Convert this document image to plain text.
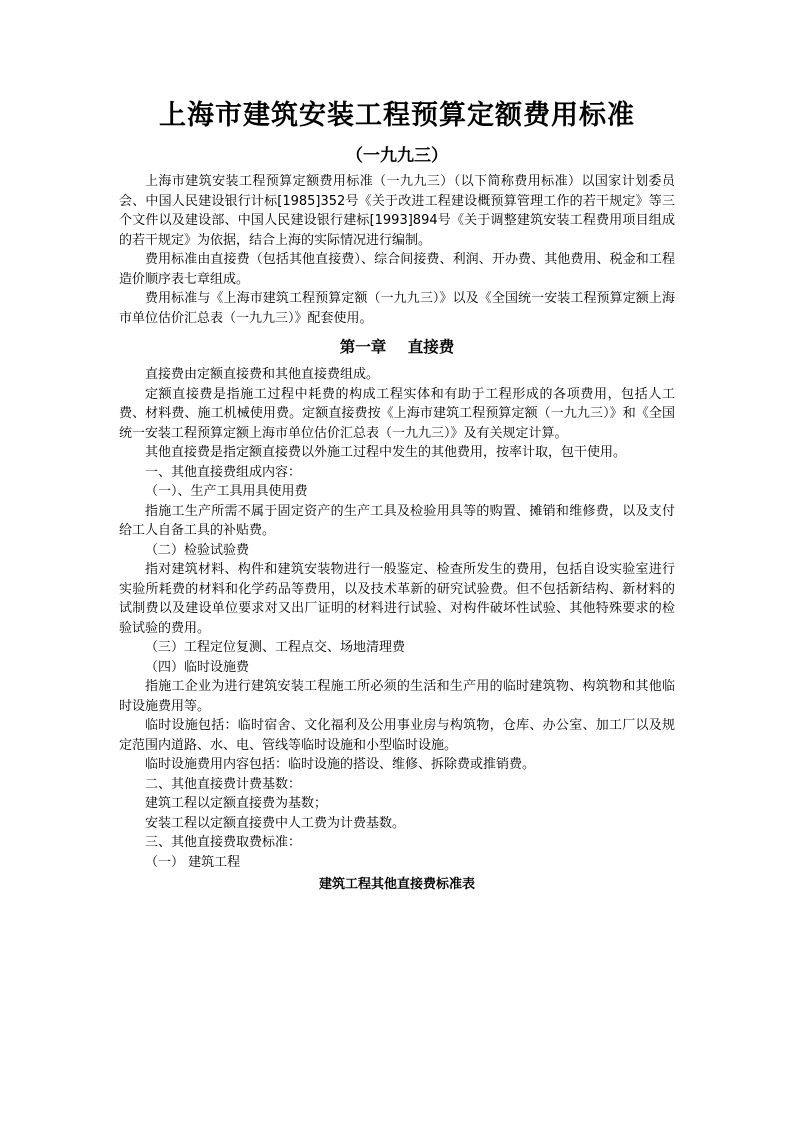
上海市建筑安装工程预算定额费用标准
（一九九三）

上海市建筑安装工程预算定额费用标准（一九九三）（以下简称费用标准）以国家计划委员会、中国人民建设银行计标[1985]352号《关于改进工程建设概预算管理工作的若干规定》等三个文件以及建设部、中国人民建设银行建标[1993]894号《关于调整建筑安装工程费用项目组成的若干规定》为依据，结合上海的实际情况进行编制。

费用标准由直接费（包括其他直接费）、综合间接费、利润、开办费、其他费用、税金和工程造价顺序表七章组成。

费用标准与《上海市建筑工程预算定额（一九九三）》以及《全国统一安装工程预算定额上海市单位估价汇总表（一九九三）》配套使用。

第一章    直接费

直接费由定额直接费和其他直接费组成。

定额直接费是指施工过程中耗费的构成工程实体和有助于工程形成的各项费用，包括人工费、材料费、施工机械使用费。定额直接费按《上海市建筑工程预算定额（一九九三）》和《全国统一安装工程预算定额上海市单位估价汇总表（一九九三）》及有关规定计算。

其他直接费是指定额直接费以外施工过程中发生的其他费用，按率计取，包干使用。

一、其他直接费组成内容：

（一）、生产工具用具使用费

指施工生产所需不属于固定资产的生产工具及检验用具等的购置、摊销和维修费，以及支付给工人自备工具的补贴费。

（二）检验试验费

指对建筑材料、构件和建筑安装物进行一般鉴定、检查所发生的费用，包括自设实验室进行实验所耗费的材料和化学药品等费用，以及技术革新的研究试验费。但不包括新结构、新材料的试制费以及建设单位要求对又出厂证明的材料进行试验、对构件破坏性试验、其他特殊要求的检验试验的费用。

（三）工程定位复测、工程点交、场地清理费

（四）临时设施费

指施工企业为进行建筑安装工程施工所必须的生活和生产用的临时建筑物、构筑物和其他临时设施费用等。

临时设施包括：临时宿舍、文化福利及公用事业房与构筑物，仓库、办公室、加工厂以及规定范围内道路、水、电、管线等临时设施和小型临时设施。

临时设施费用内容包括：临时设施的搭设、维修、拆除费或推销费。

二、其他直接费计费基数：

建筑工程以定额直接费为基数；

安装工程以定额直接费中人工费为计费基数。

三、其他直接费取费标准：

（一） 建筑工程

建筑工程其他直接费标准表
